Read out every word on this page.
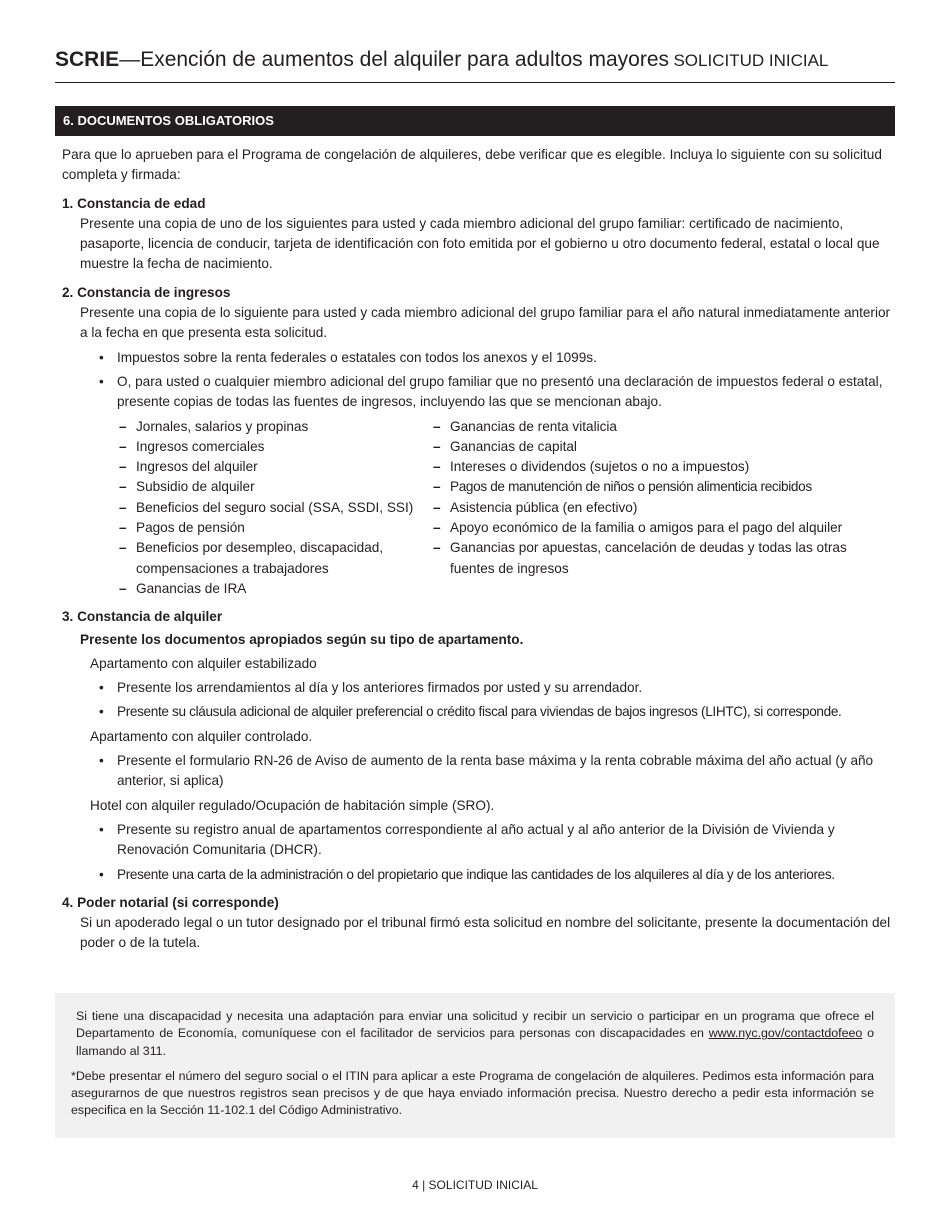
SCRIE—Exención de aumentos del alquiler para adultos mayores SOLICITUD INICIAL
6. DOCUMENTOS OBLIGATORIOS
Para que lo aprueben para el Programa de congelación de alquileres, debe verificar que es elegible. Incluya lo siguiente con su solicitud completa y firmada:
1. Constancia de edad
Presente una copia de uno de los siguientes para usted y cada miembro adicional del grupo familiar: certificado de nacimiento, pasaporte, licencia de conducir, tarjeta de identificación con foto emitida por el gobierno u otro documento federal, estatal o local que muestre la fecha de nacimiento.
2. Constancia de ingresos
Presente una copia de lo siguiente para usted y cada miembro adicional del grupo familiar para el año natural inmediatamente anterior a la fecha en que presenta esta solicitud.
• Impuestos sobre la renta federales o estatales con todos los anexos y el 1099s.
• O, para usted o cualquier miembro adicional del grupo familiar que no presentó una declaración de impuestos federal o estatal, presente copias de todas las fuentes de ingresos, incluyendo las que se mencionan abajo.
– Jornales, salarios y propinas
– Ingresos comerciales
– Ingresos del alquiler
– Subsidio de alquiler
– Beneficios del seguro social (SSA, SSDI, SSI)
– Pagos de pensión
– Beneficios por desempleo, discapacidad, compensaciones a trabajadores
– Ganancias de IRA
– Ganancias de renta vitalicia
– Ganancias de capital
– Intereses o dividendos (sujetos o no a impuestos)
– Pagos de manutención de niños o pensión alimenticia recibidos
– Asistencia pública (en efectivo)
– Apoyo económico de la familia o amigos para el pago del alquiler
– Ganancias por apuestas, cancelación de deudas y todas las otras fuentes de ingresos
3. Constancia de alquiler
Presente los documentos apropiados según su tipo de apartamento.
Apartamento con alquiler estabilizado
• Presente los arrendamientos al día y los anteriores firmados por usted y su arrendador.
• Presente su cláusula adicional de alquiler preferencial o crédito fiscal para viviendas de bajos ingresos (LIHTC), si corresponde.
Apartamento con alquiler controlado.
• Presente el formulario RN-26 de Aviso de aumento de la renta base máxima y la renta cobrable máxima del año actual (y año anterior, si aplica)
Hotel con alquiler regulado/Ocupación de habitación simple (SRO).
• Presente su registro anual de apartamentos correspondiente al año actual y al año anterior de la División de Vivienda y Renovación Comunitaria (DHCR).
• Presente una carta de la administración o del propietario que indique las cantidades de los alquileres al día y de los anteriores.
4. Poder notarial (si corresponde)
Si un apoderado legal o un tutor designado por el tribunal firmó esta solicitud en nombre del solicitante, presente la documentación del poder o de la tutela.

Si tiene una discapacidad y necesita una adaptación para enviar una solicitud y recibir un servicio o participar en un programa que ofrece el Departamento de Economía, comuníquese con el facilitador de servicios para personas con discapacidades en www.nyc.gov/contactdofeeo o llamando al 311.

*Debe presentar el número del seguro social o el ITIN para aplicar a este Programa de congelación de alquileres. Pedimos esta información para asegurarnos de que nuestros registros sean precisos y de que haya enviado información precisa. Nuestro derecho a pedir esta información se especifica en la Sección 11-102.1 del Código Administrativo.

4 | SOLICITUD INICIAL
